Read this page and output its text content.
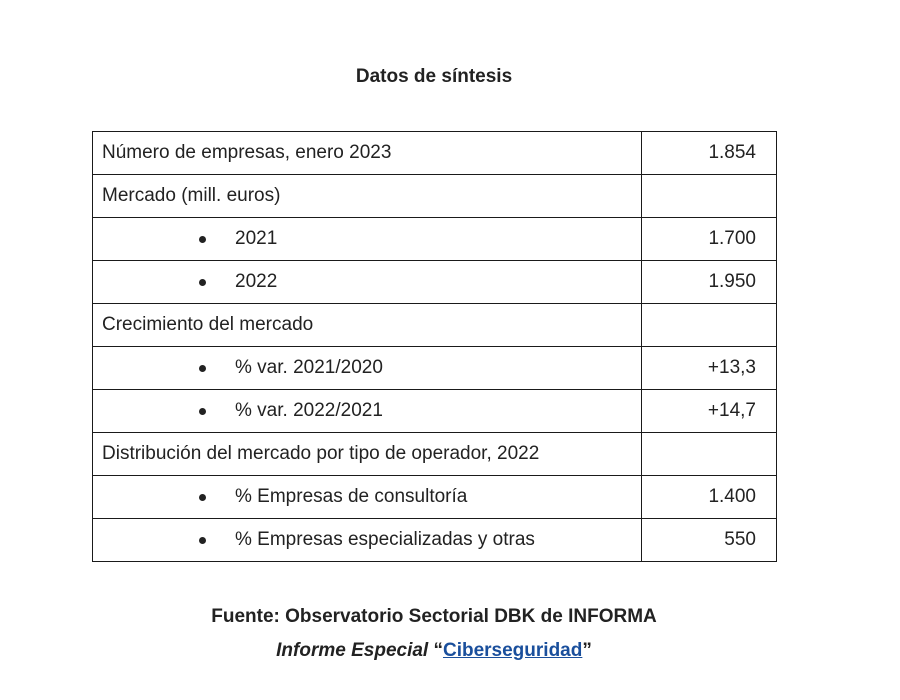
Datos de síntesis
Número de empresas, enero 2023	1.854
Mercado (mill. euros)	

2021	1.700

2022	1.950
Crecimiento del mercado	

% var. 2021/2020	+13,3

% var. 2022/2021	+14,7
Distribución del mercado por tipo de operador, 2022	

% Empresas de consultoría	1.400

% Empresas especializadas y otras	550
Fuente: Observatorio Sectorial DBK de INFORMA
Informe Especial “Ciberseguridad”
